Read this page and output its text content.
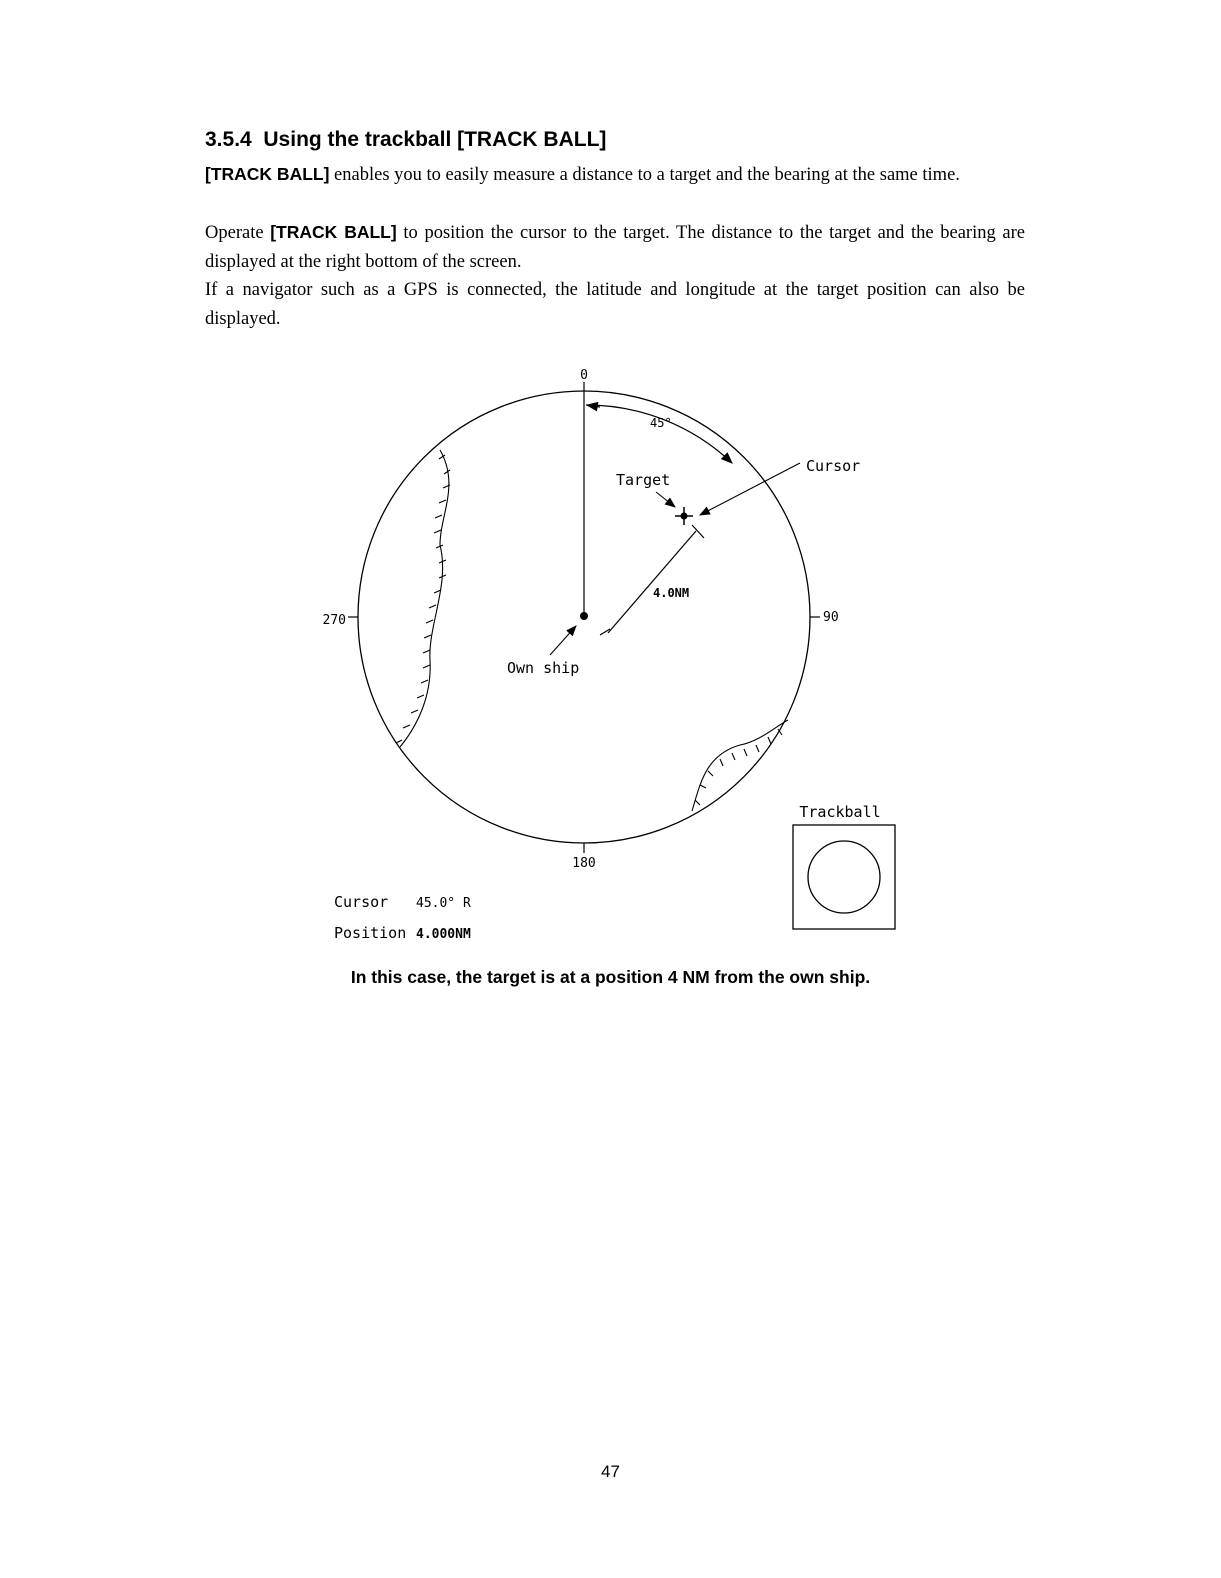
3.5.4 Using the trackball [TRACK BALL]
[TRACK BALL] enables you to easily measure a distance to a target and the bearing at the same time.
Operate [TRACK BALL] to position the cursor to the target. The distance to the target and the bearing are displayed at the right bottom of the screen.
If a navigator such as a GPS is connected, the latitude and longitude at the target position can also be displayed.
0
90
180
270
45°
Cursor
Target
4.0NM
Own ship
Trackball
Cursor 45.0° R
Position 4.000NM
In this case, the target is at a position 4 NM from the own ship.
47
